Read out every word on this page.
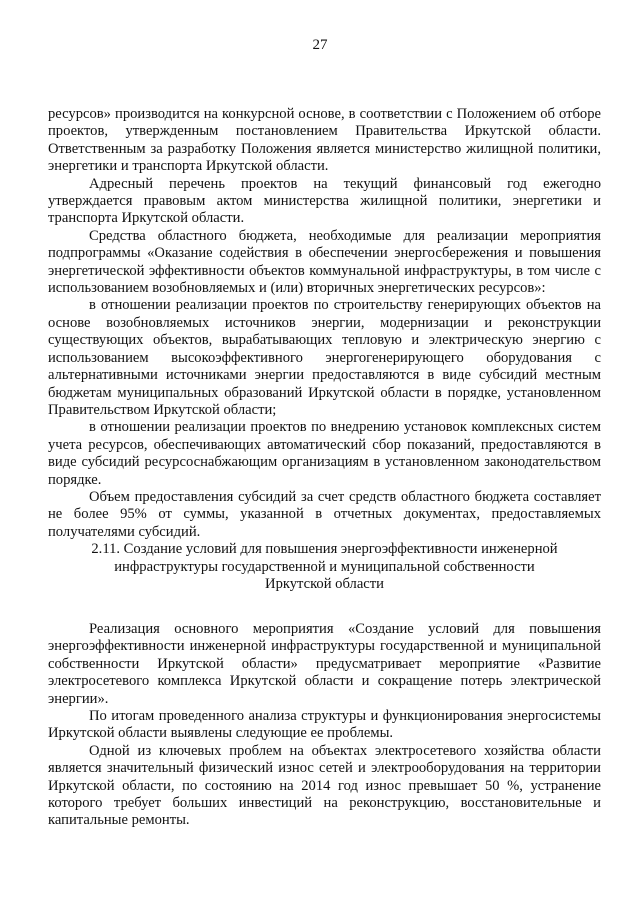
27

ресурсов» производится на конкурсной основе, в соответствии с Положением об отборе проектов, утвержденным постановлением Правительства Иркутской области. Ответственным за разработку Положения является министерство жилищной политики, энергетики и транспорта Иркутской области.

Адресный перечень проектов на текущий финансовый год ежегодно утверждается правовым актом министерства жилищной политики, энергетики и транспорта Иркутской области.

Средства областного бюджета, необходимые для реализации мероприятия подпрограммы «Оказание содействия в обеспечении энергосбережения и повышения энергетической эффективности объектов коммунальной инфраструктуры, в том числе с использованием возобновляемых и (или) вторичных энергетических ресурсов»:

в отношении реализации проектов по строительству генерирующих объектов на основе возобновляемых источников энергии, модернизации и реконструкции существующих объектов, вырабатывающих тепловую и электрическую энергию с использованием высокоэффективного энергогенерирующего оборудования с альтернативными источниками энергии предоставляются в виде субсидий местным бюджетам муниципальных образований Иркутской области в порядке, установленном Правительством Иркутской области;

в отношении реализации проектов по внедрению установок комплексных систем учета ресурсов, обеспечивающих автоматический сбор показаний, предоставляются в виде субсидий ресурсоснабжающим организациям в установленном законодательством порядке.

Объем предоставления субсидий за счет средств областного бюджета составляет не более 95% от суммы, указанной в отчетных документах, предоставляемых получателями субсидий.

2.11. Создание условий для повышения энергоэффективности инженерной

инфраструктуры государственной и муниципальной собственности

Иркутской области

Реализация основного мероприятия «Создание условий для повышения энергоэффективности инженерной инфраструктуры государственной и муниципальной собственности Иркутской области» предусматривает мероприятие «Развитие электросетевого комплекса Иркутской области и сокращение потерь электрической энергии».

По итогам проведенного анализа структуры и функционирования энергосистемы Иркутской области выявлены следующие ее проблемы.

Одной из ключевых проблем на объектах электросетевого хозяйства области является значительный физический износ сетей и электрооборудования на территории Иркутской области, по состоянию на 2014 год износ превышает 50 %, устранение которого требует больших инвестиций на реконструкцию, восстановительные и капитальные ремонты.
